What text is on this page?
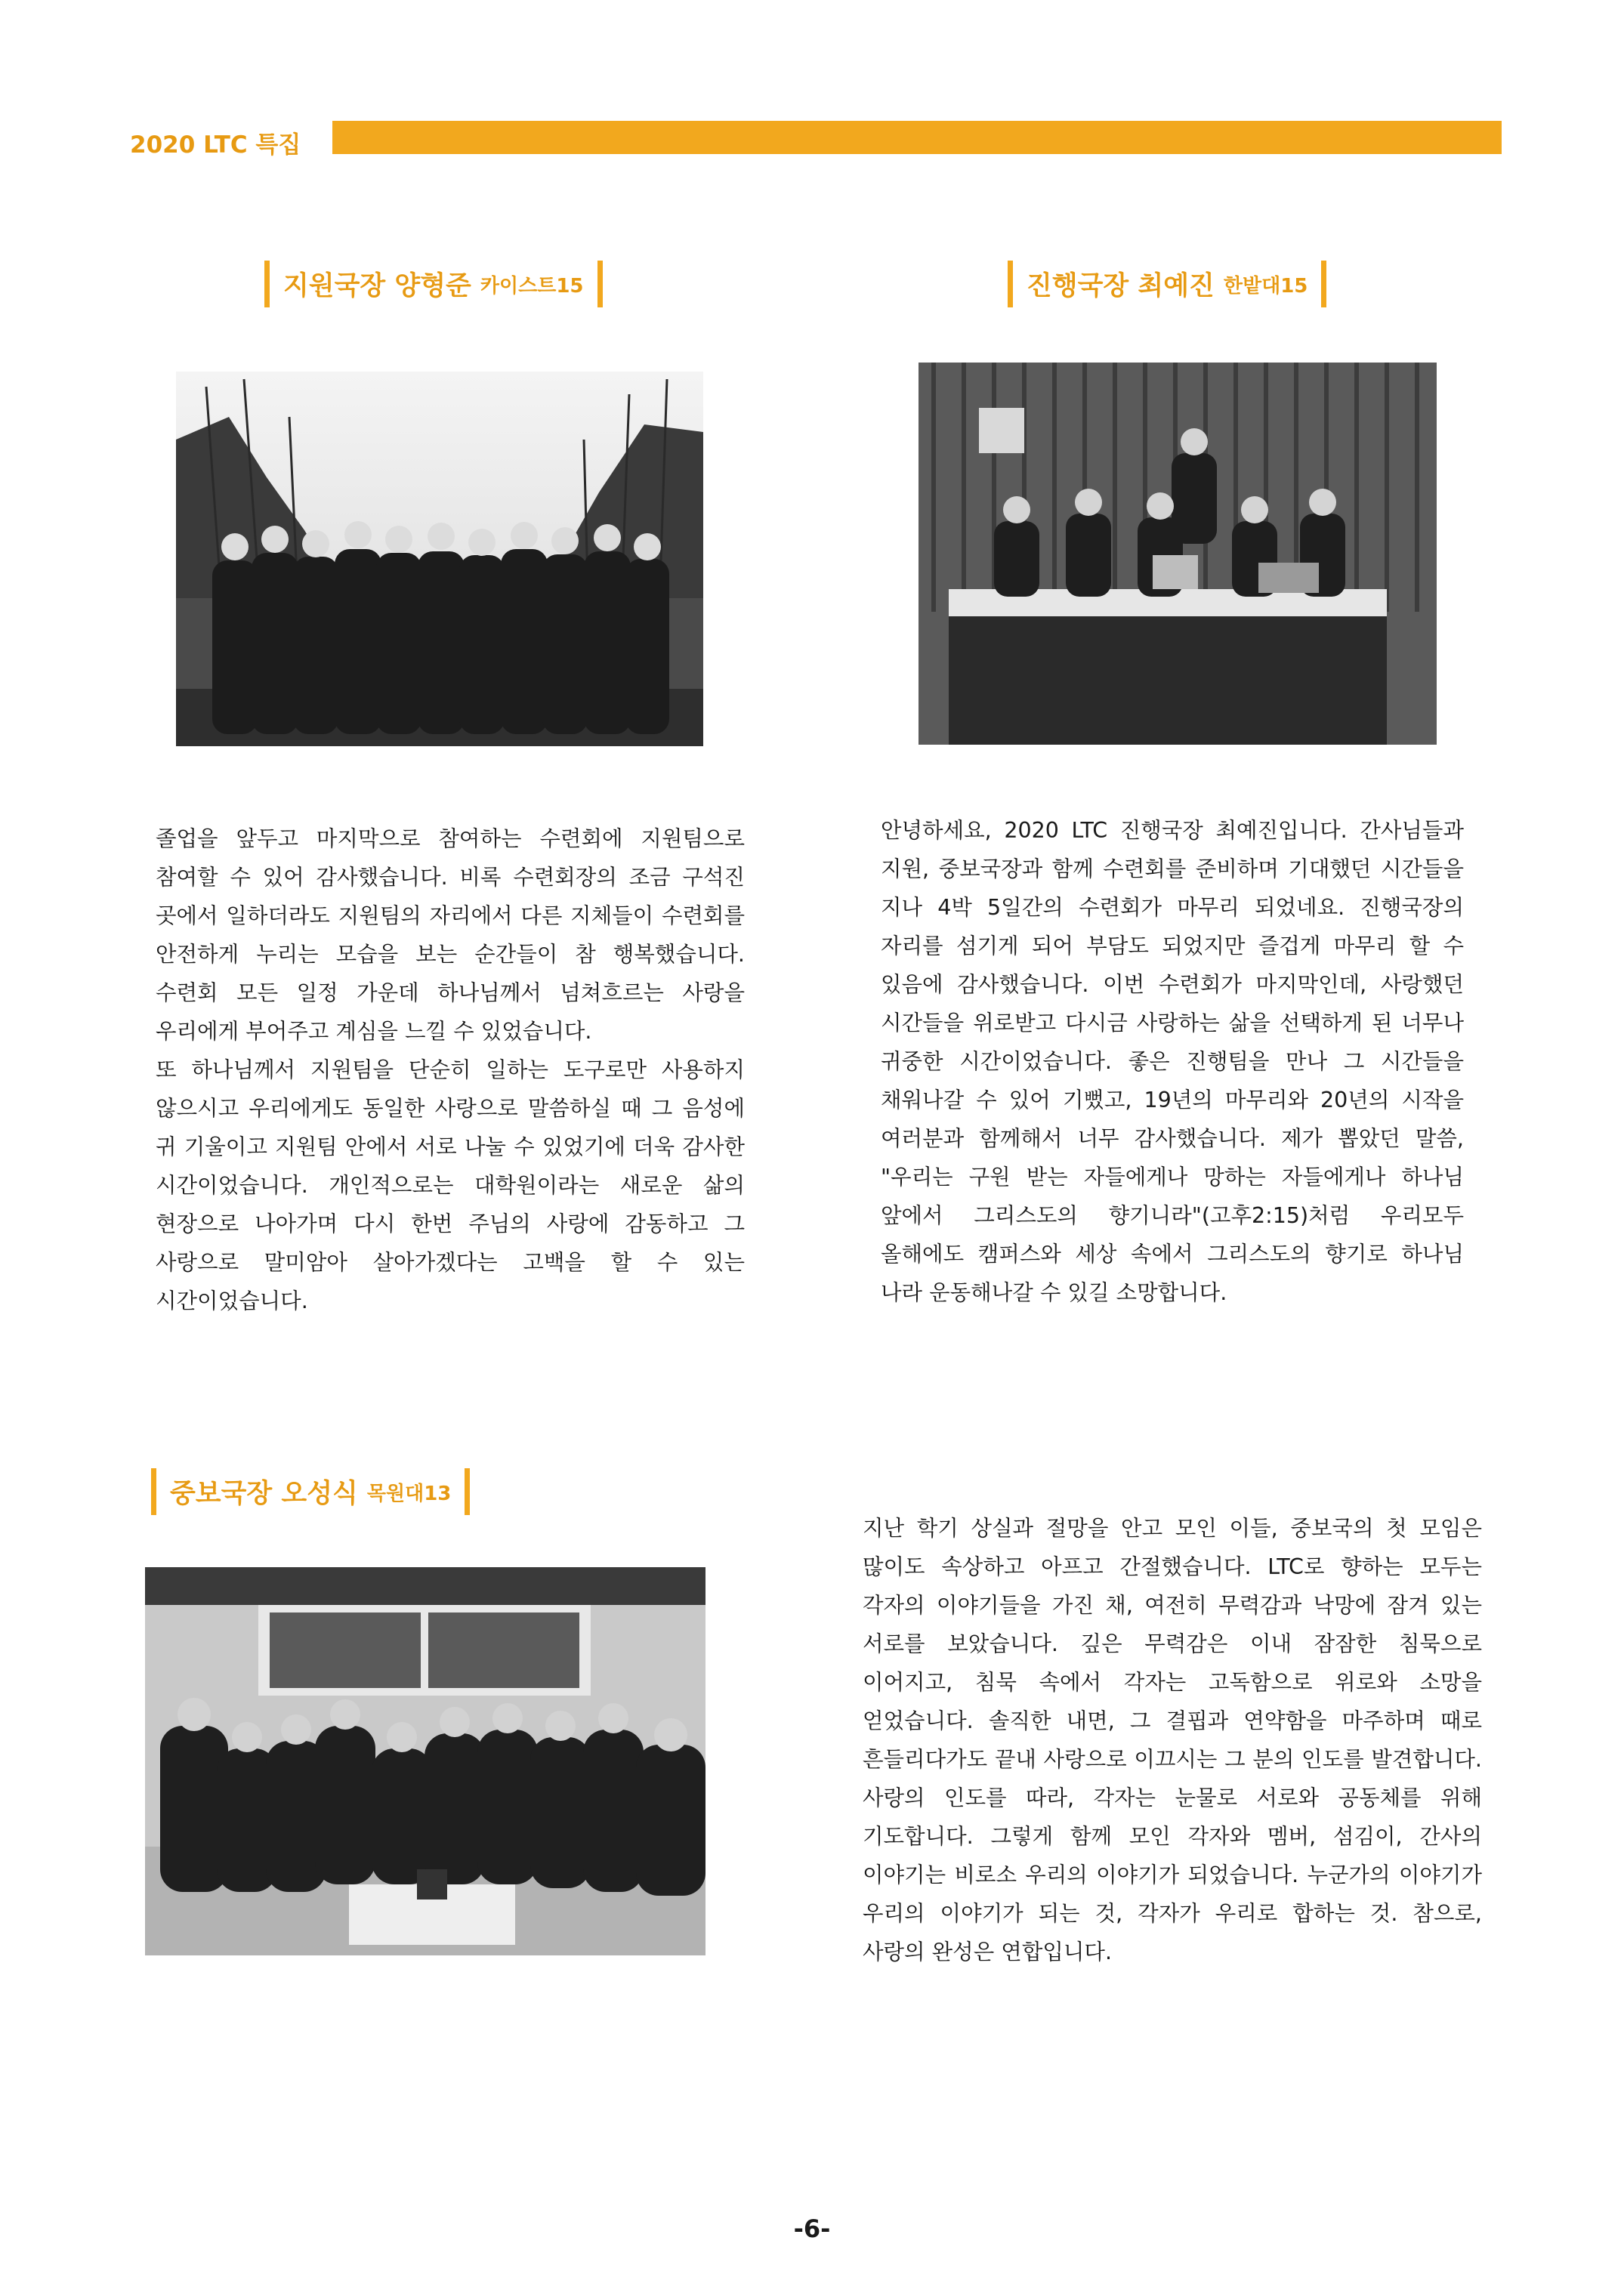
2020 LTC 특집
지원국장 양형준 카이스트15
졸업을 앞두고 마지막으로 참여하는 수련회에 지원팀으로 참여할 수 있어 감사했습니다. 비록 수련회장의 조금 구석진 곳에서 일하더라도 지원팀의 자리에서 다른 지체들이 수련회를 안전하게 누리는 모습을 보는 순간들이 참 행복했습니다. 수련회 모든 일정 가운데 하나님께서 넘쳐흐르는 사랑을 우리에게 부어주고 계심을 느낄 수 있었습니다.
또 하나님께서 지원팀을 단순히 일하는 도구로만 사용하지 않으시고 우리에게도 동일한 사랑으로 말씀하실 때 그 음성에 귀 기울이고 지원팀 안에서 서로 나눌 수 있었기에 더욱 감사한 시간이었습니다. 개인적으로는 대학원이라는 새로운 삶의 현장으로 나아가며 다시 한번 주님의 사랑에 감동하고 그 사랑으로 말미암아 살아가겠다는 고백을 할 수 있는 시간이었습니다.
진행국장 최예진 한밭대15
안녕하세요, 2020 LTC 진행국장 최예진입니다. 간사님들과 지원, 중보국장과 함께 수련회를 준비하며 기대했던 시간들을 지나 4박 5일간의 수련회가 마무리 되었네요. 진행국장의 자리를 섬기게 되어 부담도 되었지만 즐겁게 마무리 할 수 있음에 감사했습니다. 이번 수련회가 마지막인데, 사랑했던 시간들을 위로받고 다시금 사랑하는 삶을 선택하게 된 너무나 귀중한 시간이었습니다. 좋은 진행팀을 만나 그 시간들을 채워나갈 수 있어 기뻤고, 19년의 마무리와 20년의 시작을 여러분과 함께해서 너무 감사했습니다. 제가 뽑았던 말씀, "우리는 구원 받는 자들에게나 망하는 자들에게나 하나님 앞에서 그리스도의 향기니라"(고후2:15)처럼 우리모두 올해에도 캠퍼스와 세상 속에서 그리스도의 향기로 하나님 나라 운동해나갈 수 있길 소망합니다.
중보국장 오성식 목원대13
지난 학기 상실과 절망을 안고 모인 이들, 중보국의 첫 모임은 많이도 속상하고 아프고 간절했습니다. LTC로 향하는 모두는 각자의 이야기들을 가진 채, 여전히 무력감과 낙망에 잠겨 있는 서로를 보았습니다. 깊은 무력감은 이내 잠잠한 침묵으로 이어지고, 침묵 속에서 각자는 고독함으로 위로와 소망을 얻었습니다. 솔직한 내면, 그 결핍과 연약함을 마주하며 때로 흔들리다가도 끝내 사랑으로 이끄시는 그 분의 인도를 발견합니다. 사랑의 인도를 따라, 각자는 눈물로 서로와 공동체를 위해 기도합니다. 그렇게 함께 모인 각자와 멤버, 섬김이, 간사의 이야기는 비로소 우리의 이야기가 되었습니다. 누군가의 이야기가 우리의 이야기가 되는 것, 각자가 우리로 합하는 것. 참으로, 사랑의 완성은 연합입니다.
-6-
